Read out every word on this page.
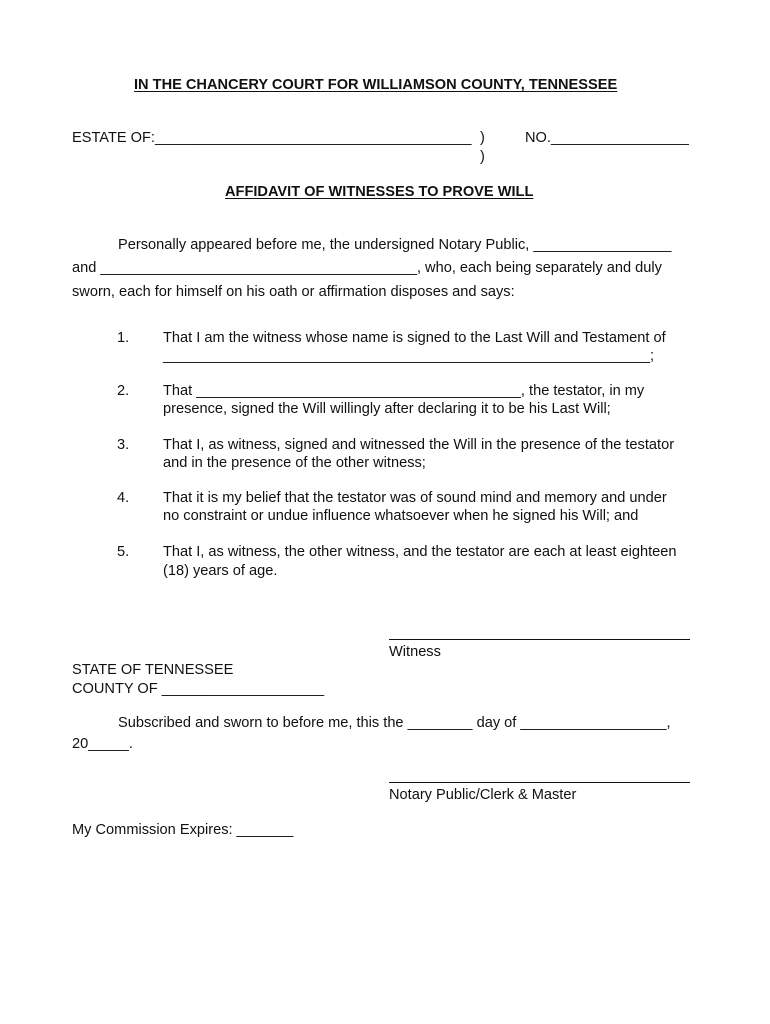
IN THE CHANCERY COURT FOR WILLIAMSON COUNTY, TENNESSEE
ESTATE OF:_______________________________________ )
)
NO._________________
AFFIDAVIT OF WITNESSES TO PROVE WILL
Personally appeared before me, the undersigned Notary Public, _________________
and _______________________________________, who, each being separately and duly
sworn, each for himself on his oath or affirmation disposes and says:
1. That I am the witness whose name is signed to the Last Will and Testament of
____________________________________________________________;
2. That ________________________________________, the testator, in my
presence, signed the Will willingly after declaring it to be his Last Will;
3. That I, as witness, signed and witnessed the Will in the presence of the testator
and in the presence of the other witness;
4. That it is my belief that the testator was of sound mind and memory and under
no constraint or undue influence whatsoever when he signed his Will; and
5. That I, as witness, the other witness, and the testator are each at least eighteen
(18) years of age.
Witness
STATE OF TENNESSEE
COUNTY OF ____________________
Subscribed and sworn to before me, this the ________ day of __________________,
20_____.
Notary Public/Clerk & Master
My Commission Expires: _______
